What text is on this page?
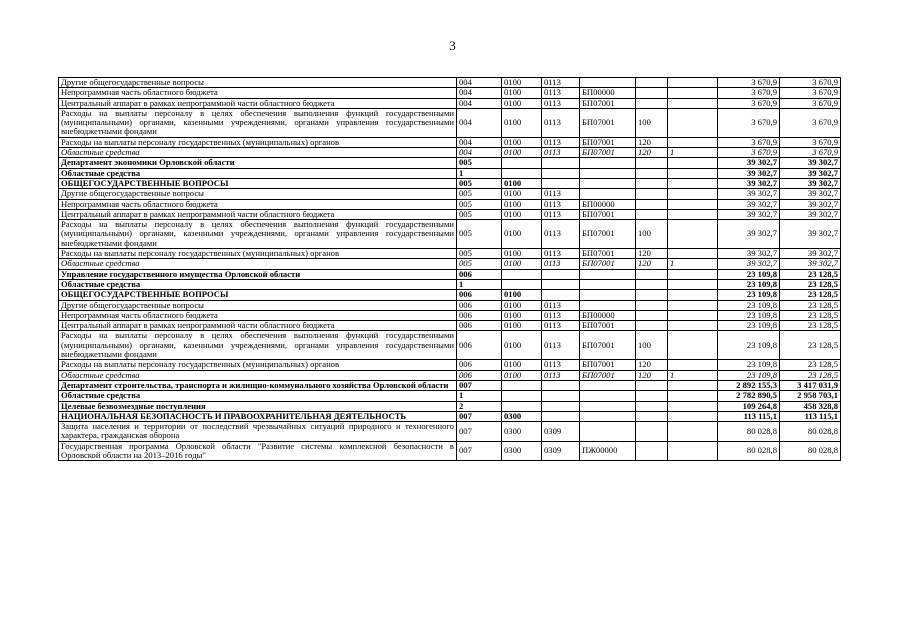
3
Другие общегосударственные вопросы	004	0100	0113				3 670,9	3 670,9
Непрограммная часть областного бюджета	004	0100	0113	БП00000			3 670,9	3 670,9
Центральный аппарат в рамках непрограммной части областного бюджета	004	0100	0113	БП07001			3 670,9	3 670,9
Расходы на выплаты персоналу в целях обеспечения выполнения функций государственными (муниципальными) органами, казенными учреждениями, органами управления государственными внебюджетными фондами	004	0100	0113	БП07001	100		3 670,9	3 670,9
Расходы на выплаты персоналу государственных (муниципальных) органов	004	0100	0113	БП07001	120		3 670,9	3 670,9
Областные средства	004	0100	0113	БП07001	120	1	3 670,9	3 670,9
Департамент экономики Орловской области	005						39 302,7	39 302,7
Областные средства	1						39 302,7	39 302,7
ОБЩЕГОСУДАРСТВЕННЫЕ ВОПРОСЫ	005	0100					39 302,7	39 302,7
Другие общегосударственные вопросы	005	0100	0113				39 302,7	39 302,7
Непрограммная часть областного бюджета	005	0100	0113	БП00000			39 302,7	39 302,7
Центральный аппарат в рамках непрограммной части областного бюджета	005	0100	0113	БП07001			39 302,7	39 302,7
Расходы на выплаты персоналу в целях обеспечения выполнения функций государственными (муниципальными) органами, казенными учреждениями, органами управления государственными внебюджетными фондами	005	0100	0113	БП07001	100		39 302,7	39 302,7
Расходы на выплаты персоналу государственных (муниципальных) органов	005	0100	0113	БП07001	120		39 302,7	39 302,7
Областные средства	005	0100	0113	БП07001	120	1	39 302,7	39 302,7
Управление государственного имущества Орловской области	006						23 109,8	23 128,5
Областные средства	1						23 109,8	23 128,5
ОБЩЕГОСУДАРСТВЕННЫЕ ВОПРОСЫ	006	0100					23 109,8	23 128,5
Другие общегосударственные вопросы	006	0100	0113				23 109,8	23 128,5
Непрограммная часть областного бюджета	006	0100	0113	БП00000			23 109,8	23 128,5
Центральный аппарат в рамках непрограммной части областного бюджета	006	0100	0113	БП07001			23 109,8	23 128,5
Расходы на выплаты персоналу в целях обеспечения выполнения функций государственными (муниципальными) органами, казенными учреждениями, органами управления государственными внебюджетными фондами	006	0100	0113	БП07001	100		23 109,8	23 128,5
Расходы на выплаты персоналу государственных (муниципальных) органов	006	0100	0113	БП07001	120		23 109,8	23 128,5
Областные средства	006	0100	0113	БП07001	120	1	23 109,8	23 128,5
Департамент строительства, транспорта и жилищно-коммунального хозяйства Орловской области	007						2 892 155,3	3 417 031,9
Областные средства	1						2 782 890,5	2 958 703,1
Целевые безвозмездные поступления	2						109 264,8	458 328,8
НАЦИОНАЛЬНАЯ БЕЗОПАСНОСТЬ И ПРАВООХРАНИТЕЛЬНАЯ ДЕЯТЕЛЬНОСТЬ	007	0300					113 115,1	113 115,1
Защита населения и территории от последствий чрезвычайных ситуаций природного и техногенного характера, гражданская оборона	007	0300	0309				80 028,8	80 028,8
Государственная программа Орловской области "Развитие системы комплексной безопасности в Орловской области на 2013–2016 годы"	007	0300	0309	ПЖ00000			80 028,8	80 028,8
